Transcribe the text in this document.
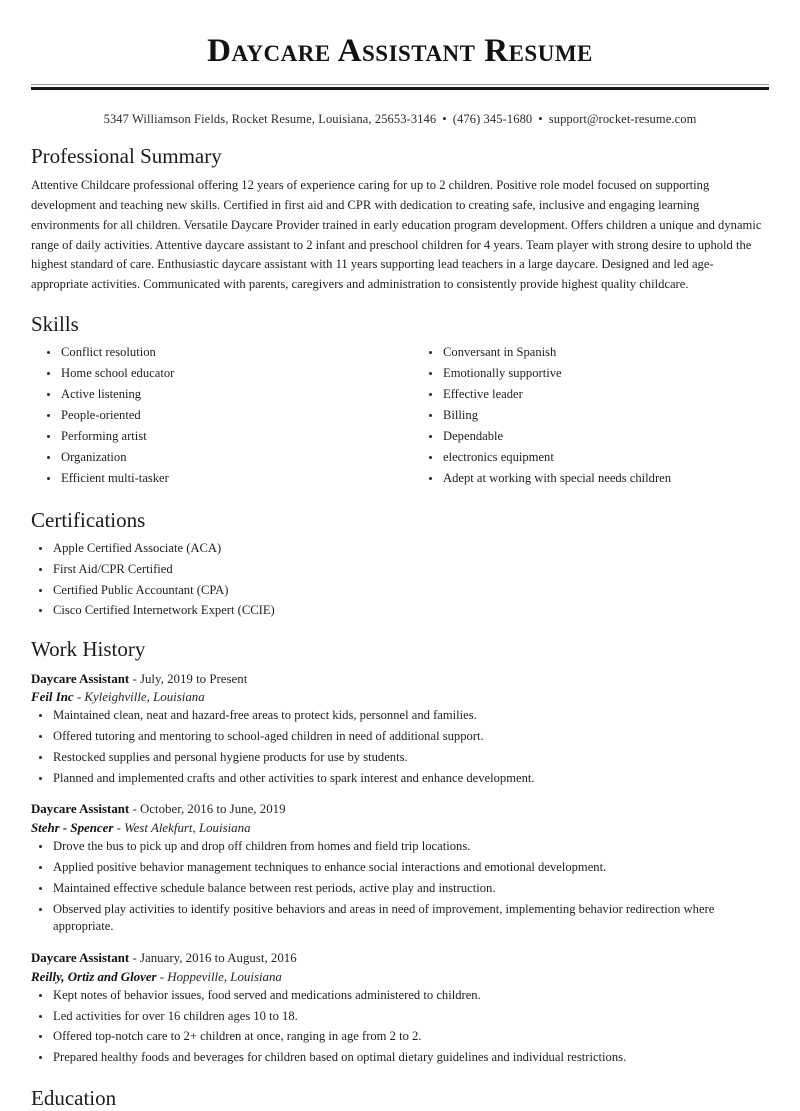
Daycare Assistant Resume
5347 Williamson Fields, Rocket Resume, Louisiana, 25653-3146 • (476) 345-1680 • support@rocket-resume.com
Professional Summary

Attentive Childcare professional offering 12 years of experience caring for up to 2 children. Positive role model focused on supporting development and teaching new skills. Certified in first aid and CPR with dedication to creating safe, inclusive and engaging learning environments for all children. Versatile Daycare Provider trained in early education program development. Offers children a unique and dynamic range of daily activities. Attentive daycare assistant to 2 infant and preschool children for 4 years. Team player with strong desire to uphold the highest standard of care. Enthusiastic daycare assistant with 11 years supporting lead teachers in a large daycare. Designed and led age-appropriate activities. Communicated with parents, caregivers and administration to consistently provide highest quality childcare.

Skills
Conflict resolution
Home school educator
Active listening
People-oriented
Performing artist
Organization
Efficient multi-tasker
Conversant in Spanish
Emotionally supportive
Effective leader
Billing
Dependable
electronics equipment
Adept at working with special needs children
Certifications
Apple Certified Associate (ACA)
First Aid/CPR Certified
Certified Public Accountant (CPA)
Cisco Certified Internetwork Expert (CCIE)
Work History
Daycare Assistant - July, 2019 to Present
Feil Inc - Kyleighville, Louisiana
Maintained clean, neat and hazard-free areas to protect kids, personnel and families.
Offered tutoring and mentoring to school-aged children in need of additional support.
Restocked supplies and personal hygiene products for use by students.
Planned and implemented crafts and other activities to spark interest and enhance development.
Daycare Assistant - October, 2016 to June, 2019
Stehr - Spencer - West Alekfurt, Louisiana
Drove the bus to pick up and drop off children from homes and field trip locations.
Applied positive behavior management techniques to enhance social interactions and emotional development.
Maintained effective schedule balance between rest periods, active play and instruction.
Observed play activities to identify positive behaviors and areas in need of improvement, implementing behavior redirection where appropriate.
Daycare Assistant - January, 2016 to August, 2016
Reilly, Ortiz and Glover - Hoppeville, Louisiana
Kept notes of behavior issues, food served and medications administered to children.
Led activities for over 16 children ages 10 to 18.
Offered top-notch care to 2+ children at once, ranging in age from 2 to 2.
Prepared healthy foods and beverages for children based on optimal dietary guidelines and individual restrictions.
Education
